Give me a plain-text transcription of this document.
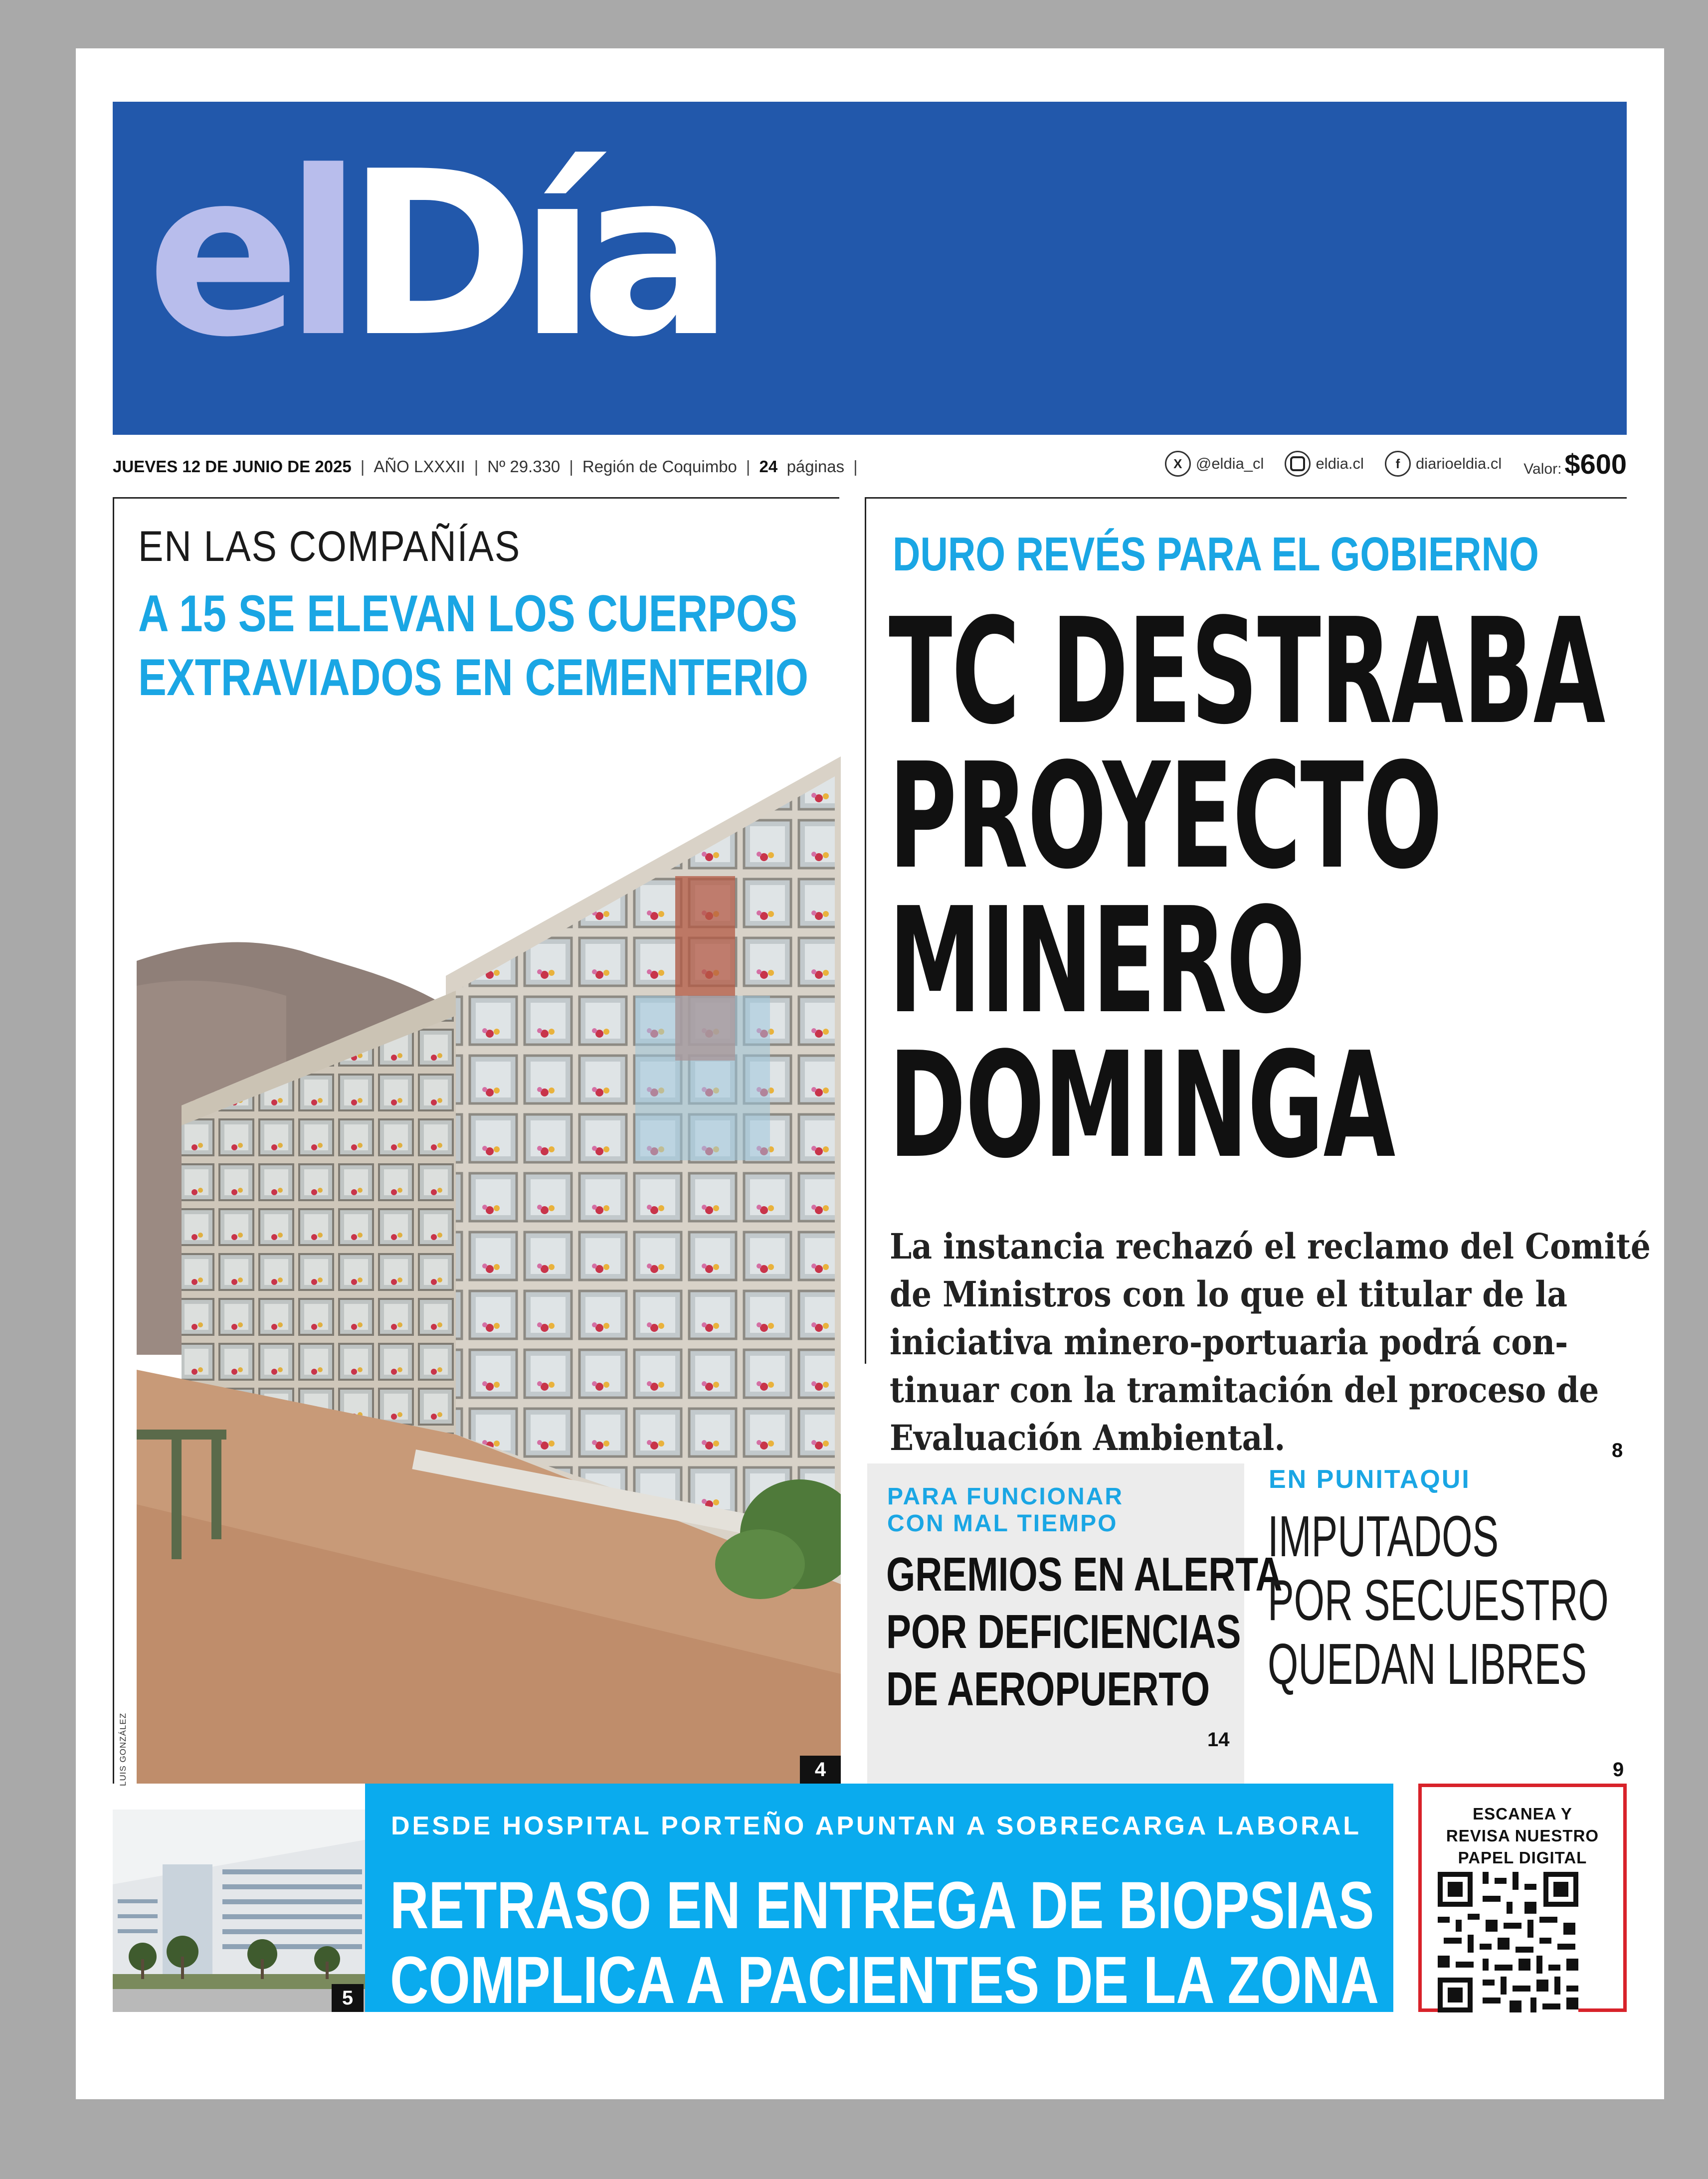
elDía
JUEVES 12 DE JUNIO DE 2025 | AÑO LXXXII | Nº 29.330 | Región de Coquimbo | 24 páginas |	X @eldia_cl	eldia.cl	f	diarioeldia.cl Valor: $600
EN LAS COMPAÑÍAS
A 15 SE ELEVAN LOS CUERPOS
EXTRAVIADOS EN CEMENTERIO
LUIS GONZÁLEZ	4
DURO REVÉS PARA EL GOBIERNO
TC DESTRABA
PROYECTO
MINERO
DOMINGA
La instancia rechazó el reclamo del Comité
de Ministros con lo que el titular de la
iniciativa minero-portuaria podrá con-
tinuar con la tramitación del proceso de
Evaluación Ambiental.	8
PARA FUNCIONAR
CON MAL TIEMPO
GREMIOS EN ALERTA
POR DEFICIENCIAS
DE AEROPUERTO
14
EN PUNITAQUI
IMPUTADOS
POR SECUESTRO
QUEDAN LIBRES
9
5
DESDE HOSPITAL PORTEÑO APUNTAN A SOBRECARGA LABORAL
RETRASO EN ENTREGA DE BIOPSIAS
COMPLICA A PACIENTES DE LA ZONA
ESCANEA Y
REVISA NUESTRO
PAPEL DIGITAL
